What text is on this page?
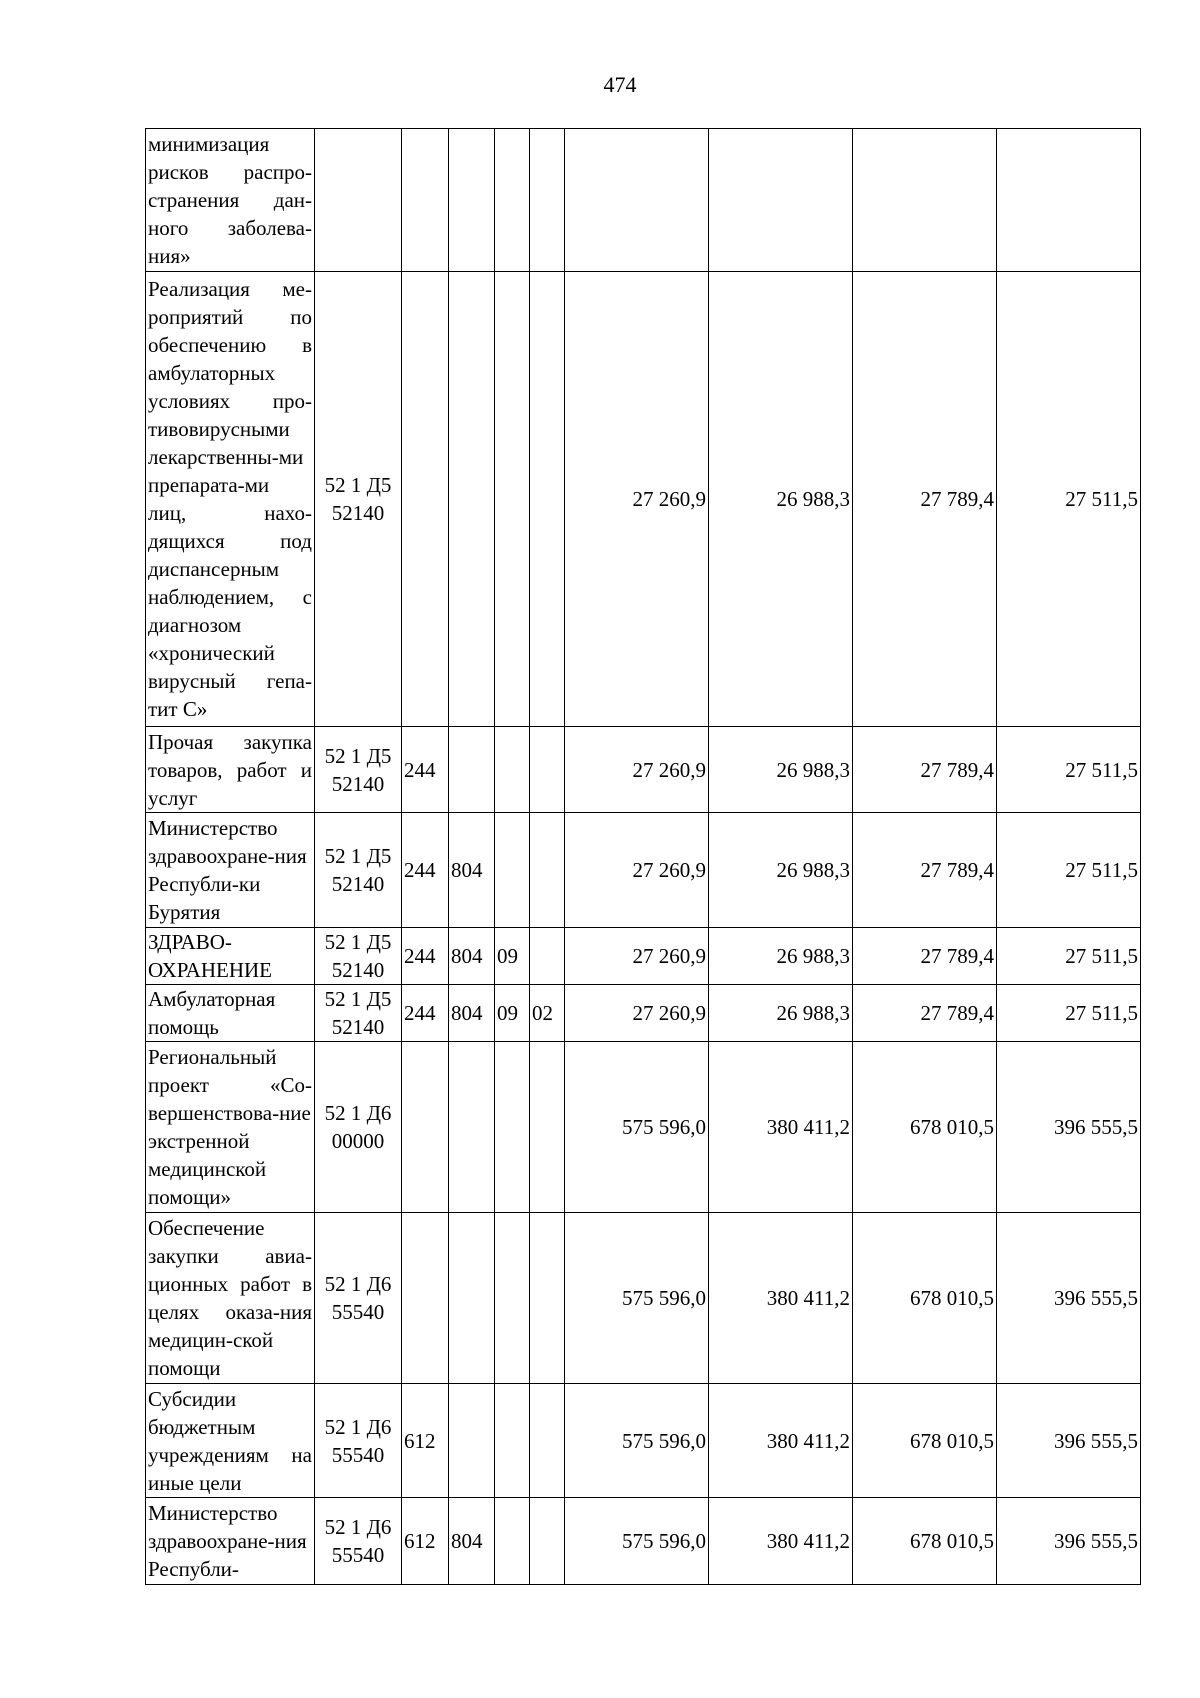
474
минимизация рисков распро-странения дан-ного заболева-ния»									
Реализация ме-роприятий по обеспечению в амбулаторных условиях про-тивовирусными лекарственны-ми препарата-ми лиц, нахо-дящихся под диспансерным наблюдением, с диагнозом «хронический вирусный гепа-тит С»	52 1 Д5 52140					27 260,9	26 988,3	27 789,4	27 511,5
Прочая закупка товаров, работ и услуг	52 1 Д5 52140	244				27 260,9	26 988,3	27 789,4	27 511,5
Министерство здравоохране-ния Республи-ки Бурятия	52 1 Д5 52140	244	804			27 260,9	26 988,3	27 789,4	27 511,5
ЗДРАВО-ОХРАНЕНИЕ	52 1 Д5 52140	244	804	09		27 260,9	26 988,3	27 789,4	27 511,5
Амбулаторная помощь	52 1 Д5 52140	244	804	09	02	27 260,9	26 988,3	27 789,4	27 511,5
Региональный проект «Со-вершенствова-ние экстренной медицинской помощи»	52 1 Д6 00000					575 596,0	380 411,2	678 010,5	396 555,5
Обеспечение закупки авиа-ционных работ в целях оказа-ния медицин-ской помощи	52 1 Д6 55540					575 596,0	380 411,2	678 010,5	396 555,5
Субсидии бюджетным учреждениям на иные цели	52 1 Д6 55540	612				575 596,0	380 411,2	678 010,5	396 555,5
Министерство здравоохране-ния Республи-	52 1 Д6 55540	612	804			575 596,0	380 411,2	678 010,5	396 555,5
